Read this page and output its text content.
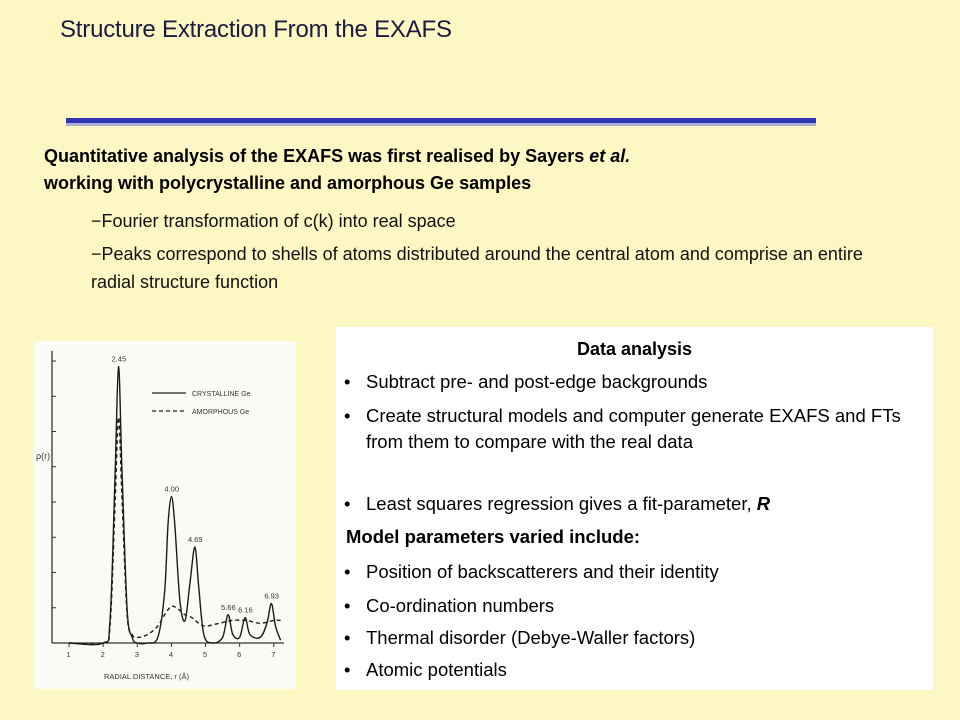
Structure Extraction From the EXAFS
Quantitative analysis of the EXAFS was first realised by Sayers et al.
working with polycrystalline and amorphous Ge samples
−Fourier transformation of c(k) into real space
−Peaks correspond to shells of atoms distributed around the central atom and comprise an entire radial structure function
ρ(r)
RADIAL DISTANCE, r (Å)
CRYSTALLINE Ge
AMORPHOUS Ge
1	2	3	4	5	6	7
2.45
4.00
4.69
5.66 6.16
6.93
Data analysis
• Subtract pre- and post-edge backgrounds
• Create structural models and computer generate EXAFS and FTs from them to compare with the real data
• Least squares regression gives a fit-parameter, R
Model parameters varied include:
• Position of backscatterers and their identity
• Co-ordination numbers
• Thermal disorder (Debye-Waller factors)
• Atomic potentials
